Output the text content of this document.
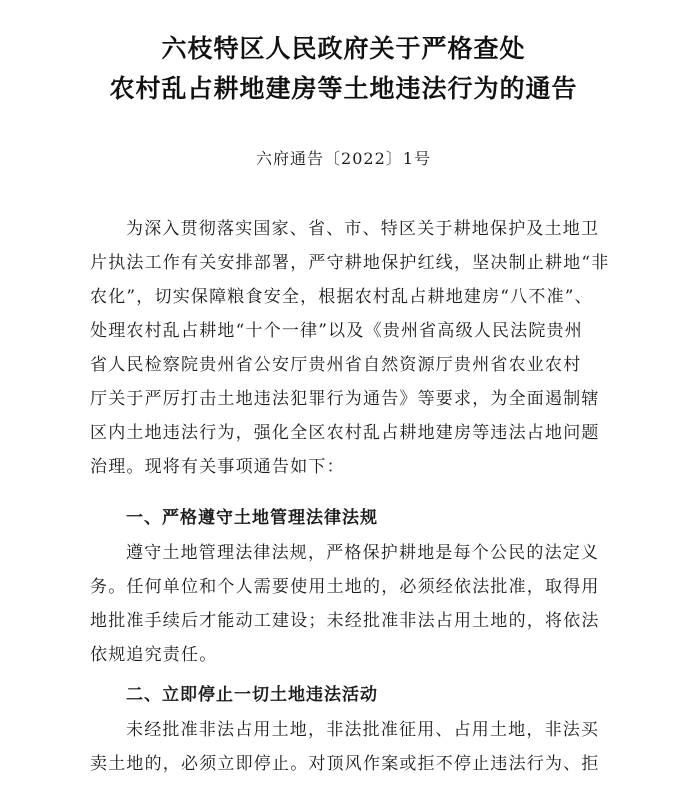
六枝特区人民政府关于严格查处
农村乱占耕地建房等土地违法行为的通告
六府通告〔2022〕1号
为深入贯彻落实国家、省、市、特区关于耕地保护及土地卫
片执法工作有关安排部署，严守耕地保护红线，坚决制止耕地“非
农化”，切实保障粮食安全，根据农村乱占耕地建房“八不准”、
处理农村乱占耕地“十个一律”以及《贵州省高级人民法院贵州
省人民检察院贵州省公安厅贵州省自然资源厅贵州省农业农村
厅关于严厉打击土地违法犯罪行为通告》等要求，为全面遏制辖
区内土地违法行为，强化全区农村乱占耕地建房等违法占地问题
治理。现将有关事项通告如下：
一、严格遵守土地管理法律法规
遵守土地管理法律法规，严格保护耕地是每个公民的法定义
务。任何单位和个人需要使用土地的，必须经依法批准，取得用
地批准手续后才能动工建设；未经批准非法占用土地的，将依法
依规追究责任。
二、立即停止一切土地违法活动
未经批准非法占用土地，非法批准征用、占用土地，非法买
卖土地的，必须立即停止。对顶风作案或拒不停止违法行为、拒
